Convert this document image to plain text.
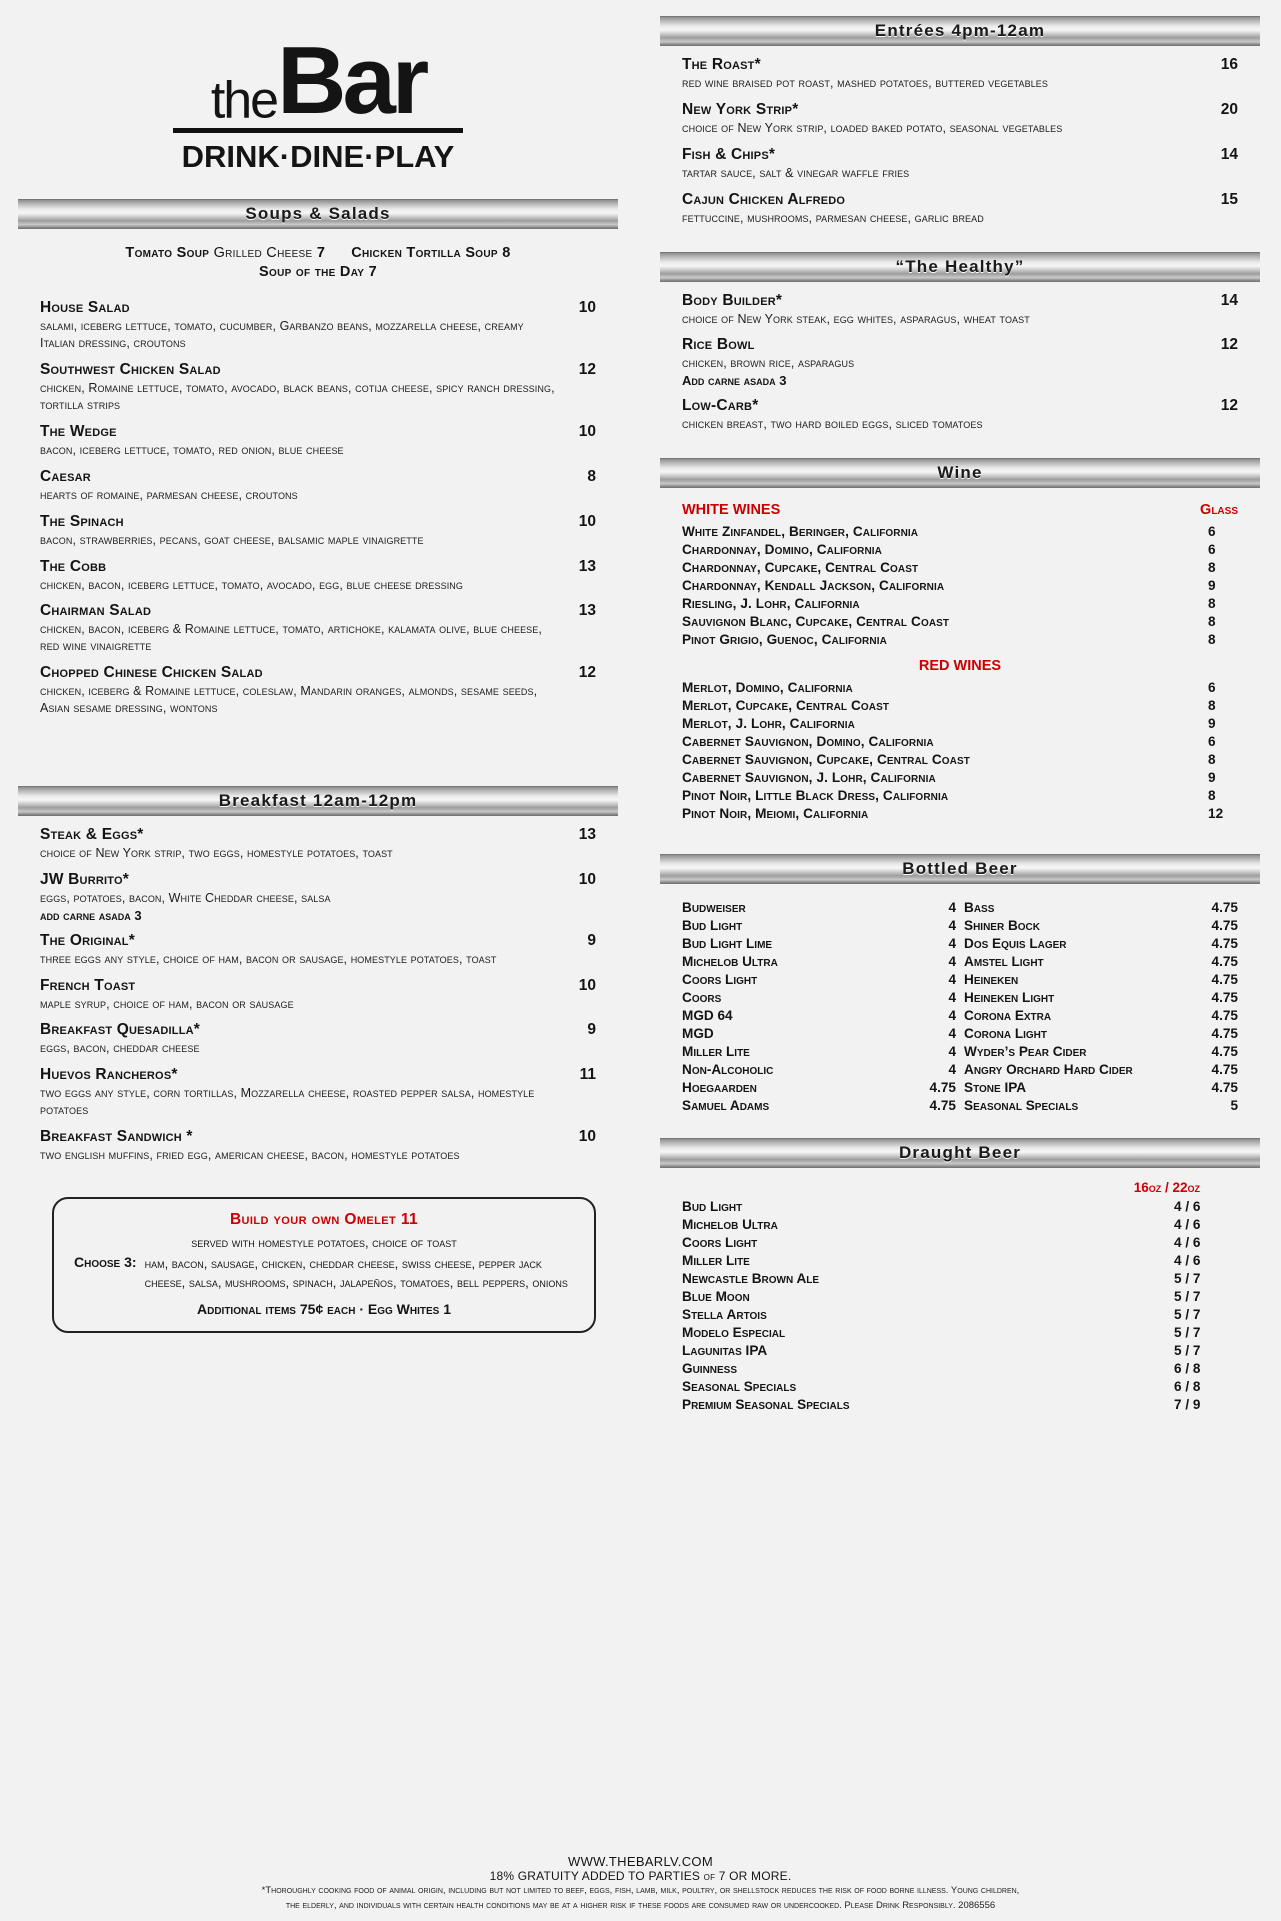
theBar
DRINK·DINE·PLAY
Soups & Salads
Tomato Soup Grilled Cheese 7 Chicken Tortilla Soup 8
Soup of the Day 7
House Salad	10
salami, iceberg lettuce, tomato, cucumber, Garbanzo beans, mozzarella cheese, creamy Italian dressing, croutons
Southwest Chicken Salad	12
chicken, Romaine lettuce, tomato, avocado, black beans, cotija cheese, spicy ranch dressing, tortilla strips
The Wedge	10
bacon, iceberg lettuce, tomato, red onion, blue cheese
Caesar	8
hearts of romaine, parmesan cheese, croutons
The Spinach	10
bacon, strawberries, pecans, goat cheese, balsamic maple vinaigrette
The Cobb	13
chicken, bacon, iceberg lettuce, tomato, avocado, egg, blue cheese dressing
Chairman Salad	13
chicken, bacon, iceberg & Romaine lettuce, tomato, artichoke, kalamata olive, blue cheese, red wine vinaigrette
Chopped Chinese Chicken Salad	12
chicken, iceberg & Romaine lettuce, coleslaw, Mandarin oranges, almonds, sesame seeds, Asian sesame dressing, wontons
Breakfast 12am-12pm
Steak & Eggs*	13
choice of New York strip, two eggs, homestyle potatoes, toast
JW Burrito*	10
eggs, potatoes, bacon, White Cheddar cheese, salsa
add carne asada 3
The Original*	9
three eggs any style, choice of ham, bacon or sausage, homestyle potatoes, toast
French Toast	10
maple syrup, choice of ham, bacon or sausage
Breakfast Quesadilla*	9
eggs, bacon, cheddar cheese
Huevos Rancheros*	11
two eggs any style, corn tortillas, Mozzarella cheese, roasted pepper salsa, homestyle potatoes
Breakfast Sandwich *	10
two english muffins, fried egg, american cheese, bacon, homestyle potatoes
Build your own Omelet 11
served with homestyle potatoes, choice of toast
Choose 3: ham, bacon, sausage, chicken, cheddar cheese, swiss cheese, pepper jack cheese, salsa, mushrooms, spinach, jalapeños, tomatoes, bell peppers, onions
Additional items 75¢ each · Egg Whites 1
Entrées 4pm-12am
The Roast*	16
red wine braised pot roast, mashed potatoes, buttered vegetables
New York Strip*	20
choice of New York strip, loaded baked potato, seasonal vegetables
Fish & Chips*	14
tartar sauce, salt & vinegar waffle fries
Cajun Chicken Alfredo	15
fettuccine, mushrooms, parmesan cheese, garlic bread
“The Healthy”
Body Builder*	14
choice of New York steak, egg whites, asparagus, wheat toast
Rice Bowl	12
chicken, brown rice, asparagus
Add carne asada 3
Low-Carb*	12
chicken breast, two hard boiled eggs, sliced tomatoes
Wine
WHITE WINES	Glass
White Zinfandel, Beringer, California	6
Chardonnay, Domino, California	6
Chardonnay, Cupcake, Central Coast	8
Chardonnay, Kendall Jackson, California	9
Riesling, J. Lohr, California	8
Sauvignon Blanc, Cupcake, Central Coast	8
Pinot Grigio, Guenoc, California	8
RED WINES
Merlot, Domino, California	6
Merlot, Cupcake, Central Coast	8
Merlot, J. Lohr, California	9
Cabernet Sauvignon, Domino, California	6
Cabernet Sauvignon, Cupcake, Central Coast	8
Cabernet Sauvignon, J. Lohr, California	9
Pinot Noir, Little Black Dress, California	8
Pinot Noir, Meiomi, California	12
Bottled Beer
Budweiser	4
Bud Light	4
Bud Light Lime	4
Michelob Ultra	4
Coors Light	4
Coors	4
MGD 64	4
MGD	4
Miller Lite	4
Non-Alcoholic	4
Hoegaarden	4.75
Samuel Adams	4.75
Bass	4.75
Shiner Bock	4.75
Dos Equis Lager	4.75
Amstel Light	4.75
Heineken	4.75
Heineken Light	4.75
Corona Extra	4.75
Corona Light	4.75
Wyder’s Pear Cider	4.75
Angry Orchard Hard Cider	4.75
Stone IPA	4.75
Seasonal Specials	5
Draught Beer
16oz / 22oz
Bud Light	4 / 6
Michelob Ultra	4 / 6
Coors Light	4 / 6
Miller Lite	4 / 6
Newcastle Brown Ale	5 / 7
Blue Moon	5 / 7
Stella Artois	5 / 7
Modelo Especial	5 / 7
Lagunitas IPA	5 / 7
Guinness	6 / 8
Seasonal Specials	6 / 8
Premium Seasonal Specials	7 / 9
WWW.THEBARLV.COM
18% GRATUITY ADDED TO PARTIES of 7 OR MORE.
*Thoroughly cooking food of animal origin, including but not limited to beef, eggs, fish, lamb, milk, poultry, or shellstock reduces the risk of food borne illness. Young children,
the elderly, and individuals with certain health conditions may be at a higher risk if these foods are consumed raw or undercooked. Please Drink Responsibly. 2086556
